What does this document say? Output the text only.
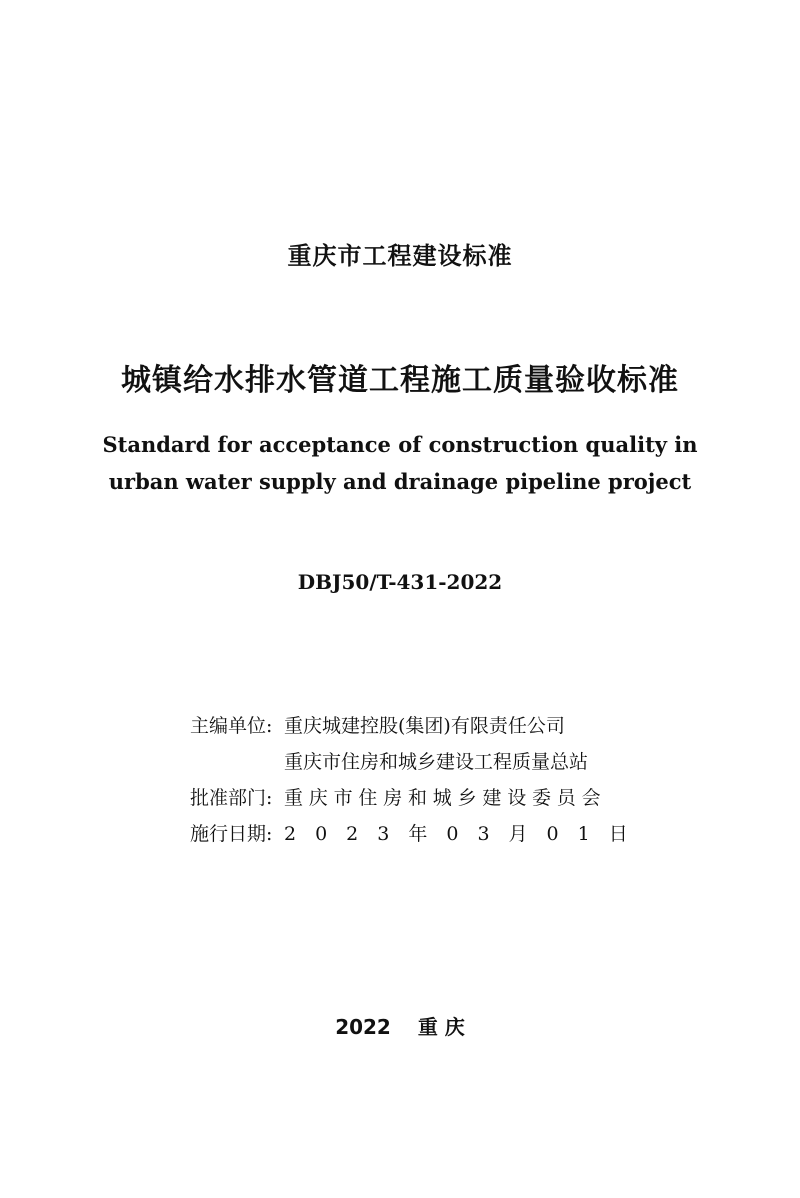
重庆市工程建设标准
城镇给水排水管道工程施工质量验收标准
Standard for acceptance of construction quality in
urban water supply and drainage pipeline project
DBJ50/T-431-2022
主编单位: 重庆城建控股(集团)有限责任公司
重庆市住房和城乡建设工程质量总站
批准部门: 重庆市住房和城乡建设委员会
施行日期: 2023年03月01日
2022 重 庆
